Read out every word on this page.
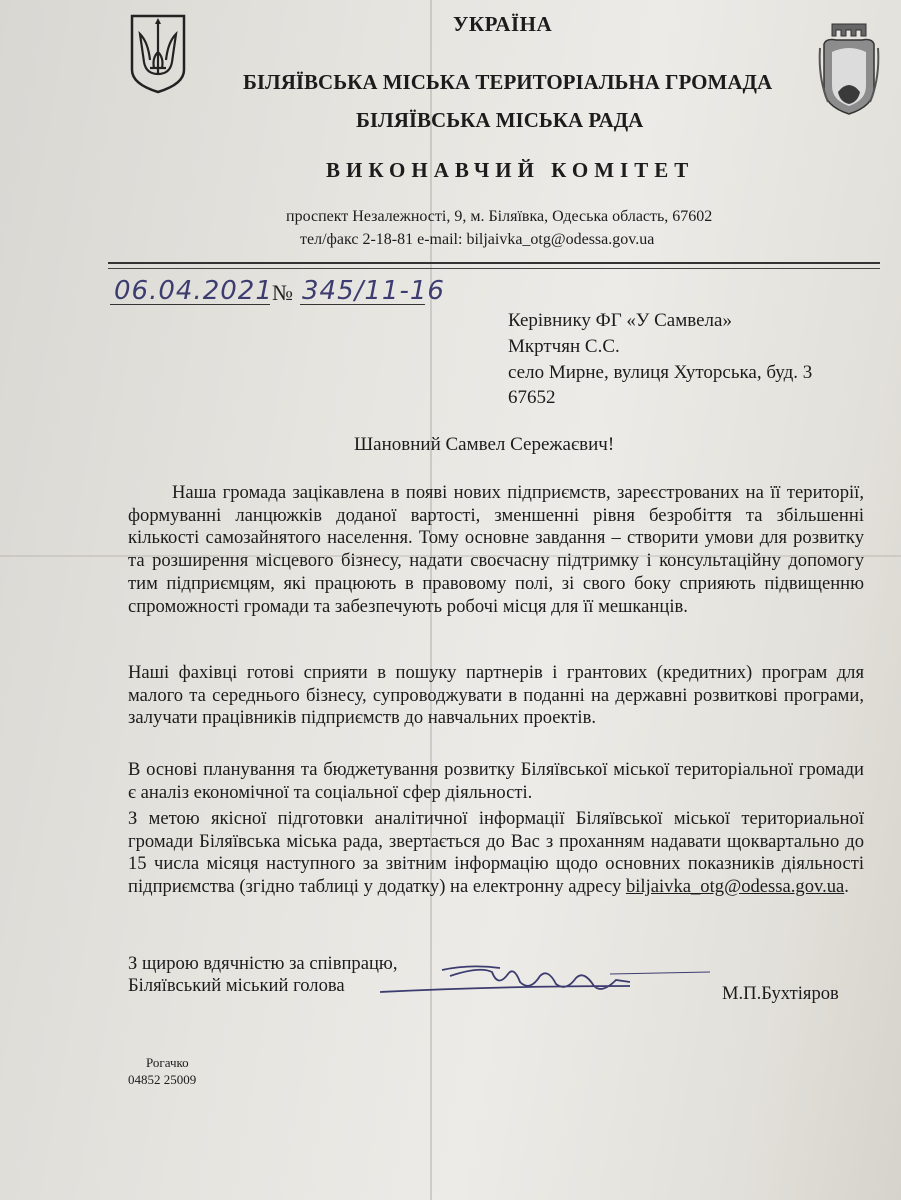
УКРАЇНА
БІЛЯЇВСЬКА МІСЬКА ТЕРИТОРІАЛЬНА ГРОМАДА
БІЛЯЇВСЬКА МІСЬКА РАДА
ВИКОНАВЧИЙ КОМІТЕТ
проспект Незалежності, 9, м. Біляївка, Одеська область, 67602
тел/факс 2-18-81 e-mail: biljaivka_otg@odessa.gov.ua
06.04.2021 № 345/11-16
Керівнику ФГ «У Самвела»
Мкртчян С.С.
село Мирне, вулиця Хуторська, буд. 3
67652
Шановний Самвел Сережаєвич!

Наша громада зацікавлена в появі нових підприємств, зареєстрованих на її території, формуванні ланцюжків доданої вартості, зменшенні рівня безробіття та збільшенні кількості самозайнятого населення. Тому основне завдання – створити умови для розвитку та розширення місцевого бізнесу, надати своєчасну підтримку і консультаційну допомогу тим підприємцям, які працюють в правовому полі, зі свого боку сприяють підвищенню спроможності громади та забезпечують робочі місця для її мешканців.

Наші фахівці готові сприяти в пошуку партнерів і грантових (кредитних) програм для малого та середнього бізнесу, супроводжувати в поданні на державні розвиткові програми, залучати працівників підприємств до навчальних проектів.

В основі планування та бюджетування розвитку Біляївської міської територіальної громади є аналіз економічної та соціальної сфер діяльності.

З метою якісної підготовки аналітичної інформації Біляївської міської териториальної громади Біляївська міська рада, звертається до Вас з проханням надавати щоквартально до 15 числа місяця наступного за звітним інформацію щодо основних показників діяльності підприємства (згідно таблиці у додатку) на електронну адресу biljaivka_otg@odessa.gov.ua.

З щирою вдячністю за співпрацю,
Біляївський міський голова	М.П.Бухтіяров
Рогачко
04852 25009
